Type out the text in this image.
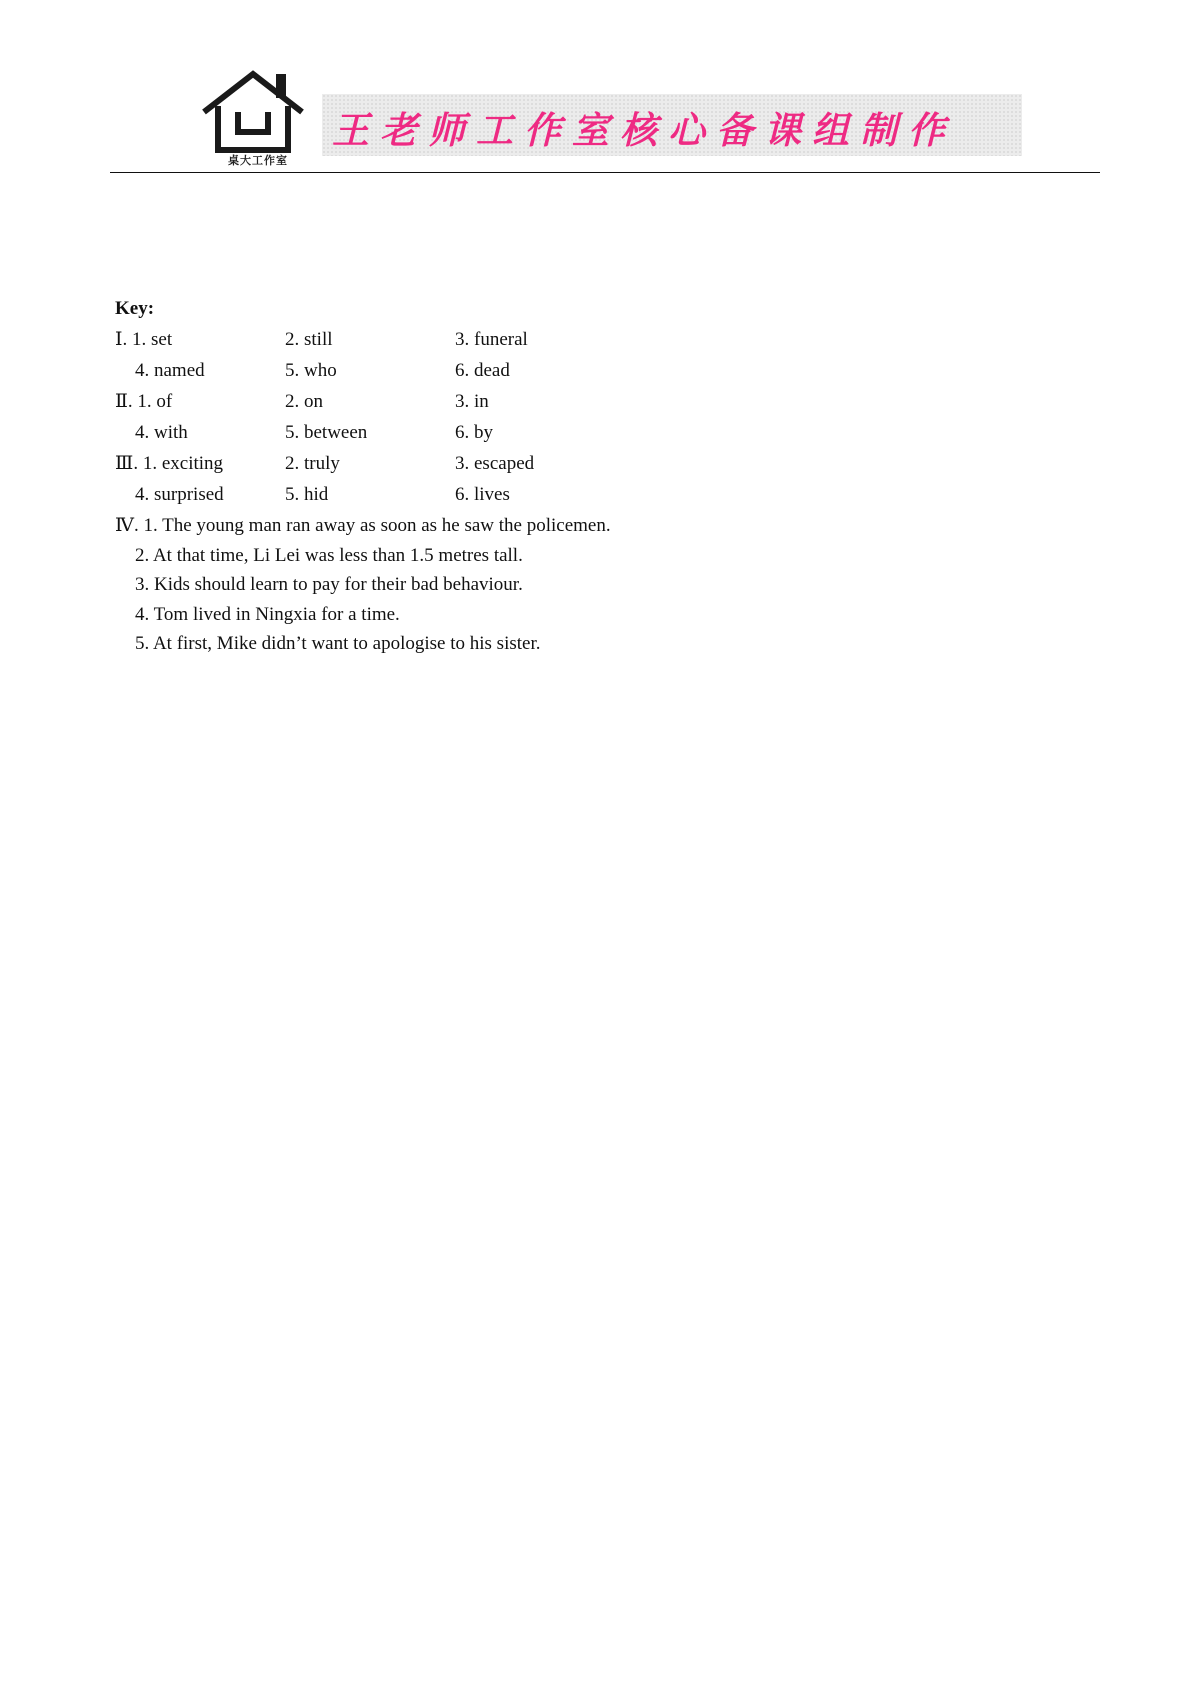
桌大工作室
王老师工作室核心备课组制作
Key:
Ⅰ. 1. set	2. still	3. funeral
4. named	5. who	6. dead
Ⅱ. 1. of	2. on	3. in
4. with	5. between	6. by
Ⅲ. 1. exciting	2. truly	3. escaped
4. surprised	5. hid	6. lives
Ⅳ. 1. The young man ran away as soon as he saw the policemen.
2. At that time, Li Lei was less than 1.5 metres tall.
3. Kids should learn to pay for their bad behaviour.
4. Tom lived in Ningxia for a time.
5. At first, Mike didn’t want to apologise to his sister.
